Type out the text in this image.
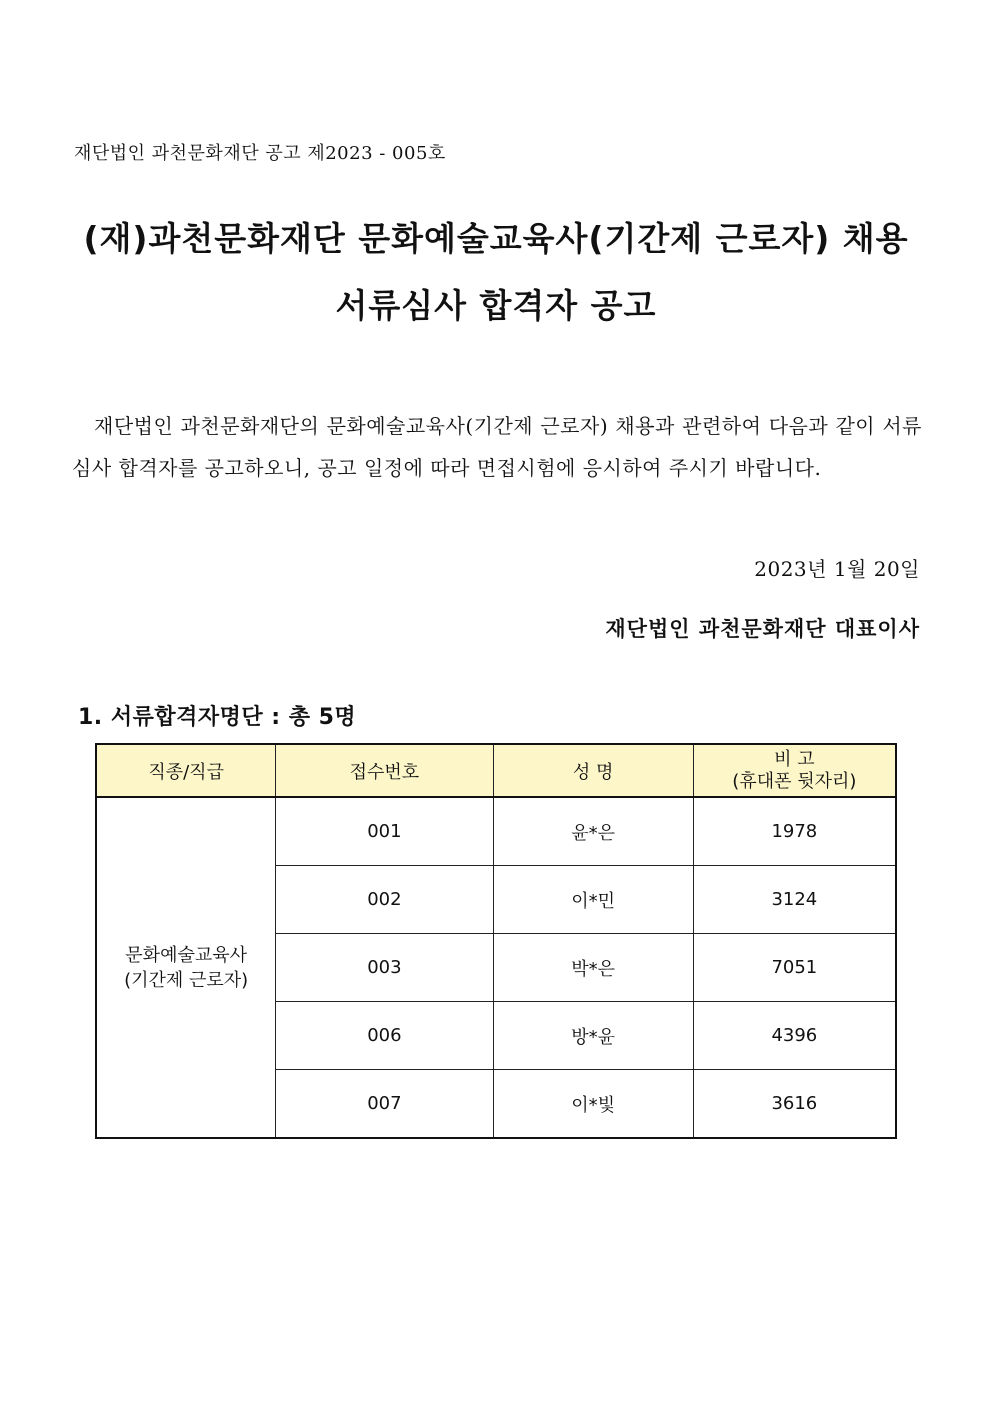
재단법인 과천문화재단 공고 제2023 - 005호
(재)과천문화재단 문화예술교육사(기간제 근로자) 채용
서류심사 합격자 공고
재단법인 과천문화재단의 문화예술교육사(기간제 근로자) 채용과 관련하여 다음과 같이 서류심사 합격자를 공고하오니, 공고 일정에 따라 면접시험에 응시하여 주시기 바랍니다.
2023년 1월 20일
재단법인 과천문화재단 대표이사
1. 서류합격자명단 : 총 5명
직종/직급	접수번호	성 명	비 고
(휴대폰 뒷자리)

문화예술교육사
(기간제 근로자)	001	윤*은	1978
	002	이*민	3124
	003	박*은	7051
	006	방*윤	4396
	007	이*빛	3616
